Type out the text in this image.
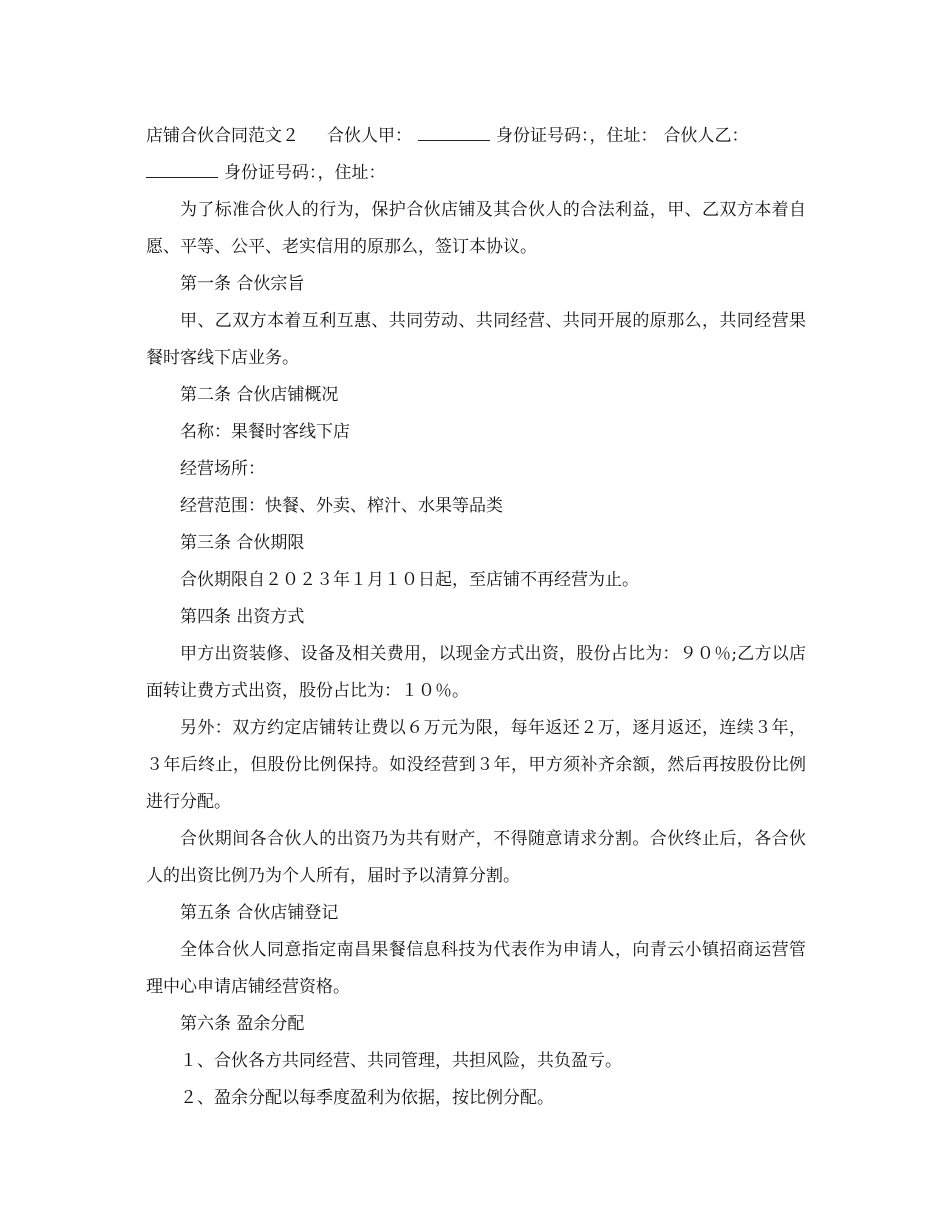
店铺合伙合同范文２ 合伙人甲：	身份证号码：，住址： 合伙人乙：
身份证号码：，住址：

为了标准合伙人的行为，保护合伙店铺及其合伙人的合法利益，甲、乙双方本着自愿、平等、公平、老实信用的原那么，签订本协议。

第一条 合伙宗旨

甲、乙双方本着互利互惠、共同劳动、共同经营、共同开展的原那么，共同经营果餐时客线下店业务。

第二条 合伙店铺概况

名称：果餐时客线下店

经营场所：

经营范围：快餐、外卖、榨汁、水果等品类

第三条 合伙期限

合伙期限自２０２３年１月１０日起，至店铺不再经营为止。

第四条 出资方式

甲方出资装修、设备及相关费用，以现金方式出资，股份占比为：９０％;乙方以店面转让费方式出资，股份占比为：１０％。

另外：双方约定店铺转让费以６万元为限，每年返还２万，逐月返还，连续３年，３年后终止，但股份比例保持。如没经营到３年，甲方须补齐余额，然后再按股份比例进行分配。

合伙期间各合伙人的出资乃为共有财产，不得随意请求分割。合伙终止后，各合伙人的出资比例乃为个人所有，届时予以清算分割。

第五条 合伙店铺登记

全体合伙人同意指定南昌果餐信息科技为代表作为申请人，向青云小镇招商运营管理中心申请店铺经营资格。

第六条 盈余分配

１、合伙各方共同经营、共同管理，共担风险，共负盈亏。

２、盈余分配以每季度盈利为依据，按比例分配。
